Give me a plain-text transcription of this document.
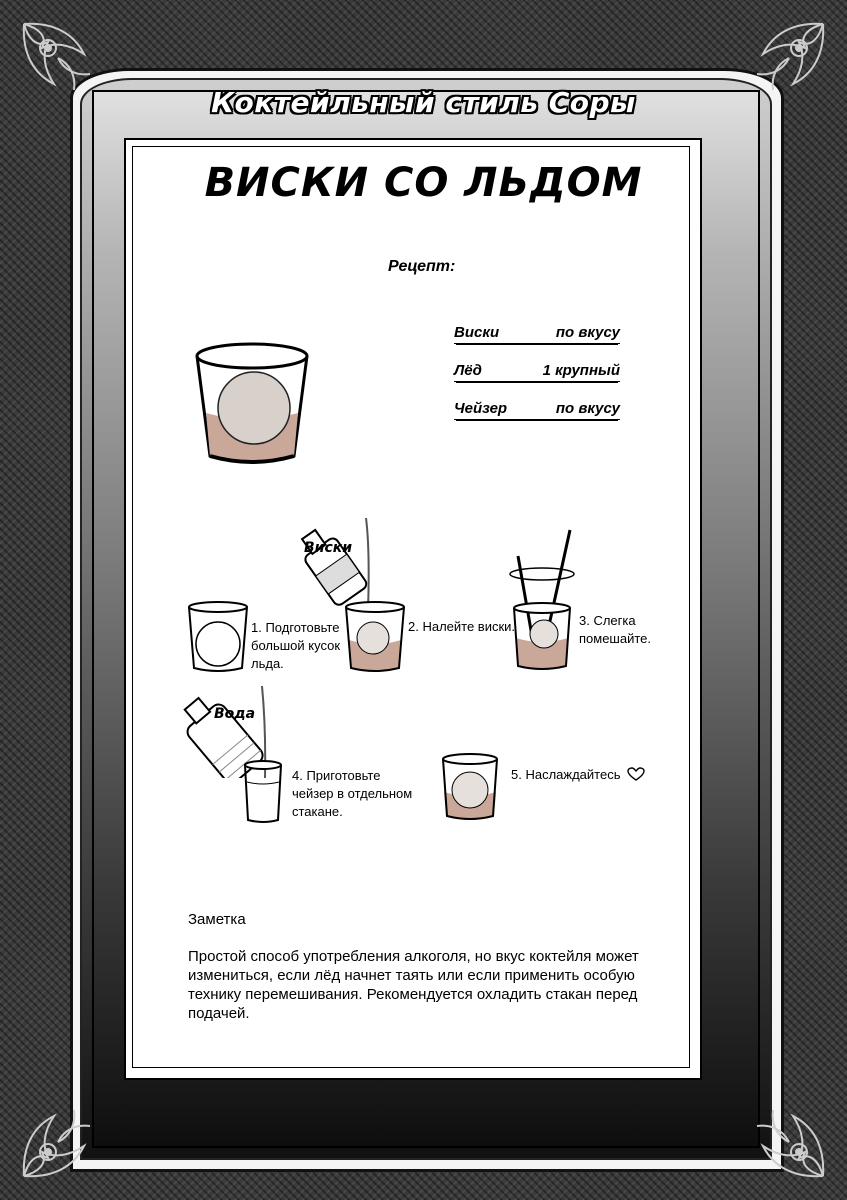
Коктейльный стиль Соры
ВИСКИ СО ЛЬДОМ
Рецепт:
Виски	по вкусу
Лёд	1 крупный
Чейзер	по вкусу
1. Подготовьте большой кусок льда.
Виски
2. Налейте виски.	3. Слегка помешайте.
Вода
4. Приготовьте чейзер в отдельном стакане.
5. Наслаждайтесь
Заметка
Простой способ употребления алкоголя, но вкус коктейля может измениться, если лёд начнет таять или если применить особую технику перемешивания. Рекомендуется охладить стакан перед подачей.
